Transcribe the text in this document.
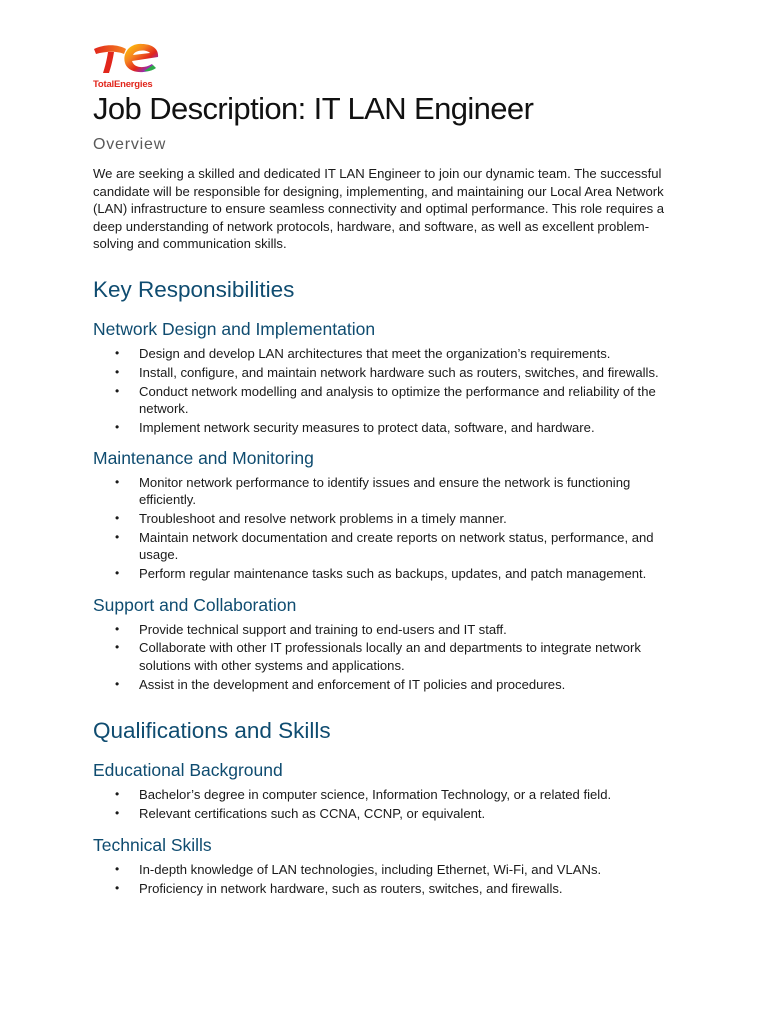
TotalEnergies
Job Description: IT LAN Engineer
Overview

We are seeking a skilled and dedicated IT LAN Engineer to join our dynamic team. The successful candidate will be responsible for designing, implementing, and maintaining our Local Area Network (LAN) infrastructure to ensure seamless connectivity and optimal performance. This role requires a deep understanding of network protocols, hardware, and software, as well as excellent problem-solving and communication skills.

Key Responsibilities
Network Design and Implementation
• Design and develop LAN architectures that meet the organization’s requirements.
• Install, configure, and maintain network hardware such as routers, switches, and firewalls.
• Conduct network modelling and analysis to optimize the performance and reliability of the network.
• Implement network security measures to protect data, software, and hardware.
Maintenance and Monitoring
• Monitor network performance to identify issues and ensure the network is functioning efficiently.
• Troubleshoot and resolve network problems in a timely manner.
• Maintain network documentation and create reports on network status, performance, and usage.
• Perform regular maintenance tasks such as backups, updates, and patch management.
Support and Collaboration
• Provide technical support and training to end-users and IT staff.
• Collaborate with other IT professionals locally an and departments to integrate network solutions with other systems and applications.
• Assist in the development and enforcement of IT policies and procedures.
Qualifications and Skills
Educational Background
• Bachelor’s degree in computer science, Information Technology, or a related field.
• Relevant certifications such as CCNA, CCNP, or equivalent.
Technical Skills
• In-depth knowledge of LAN technologies, including Ethernet, Wi-Fi, and VLANs.
• Proficiency in network hardware, such as routers, switches, and firewalls.
